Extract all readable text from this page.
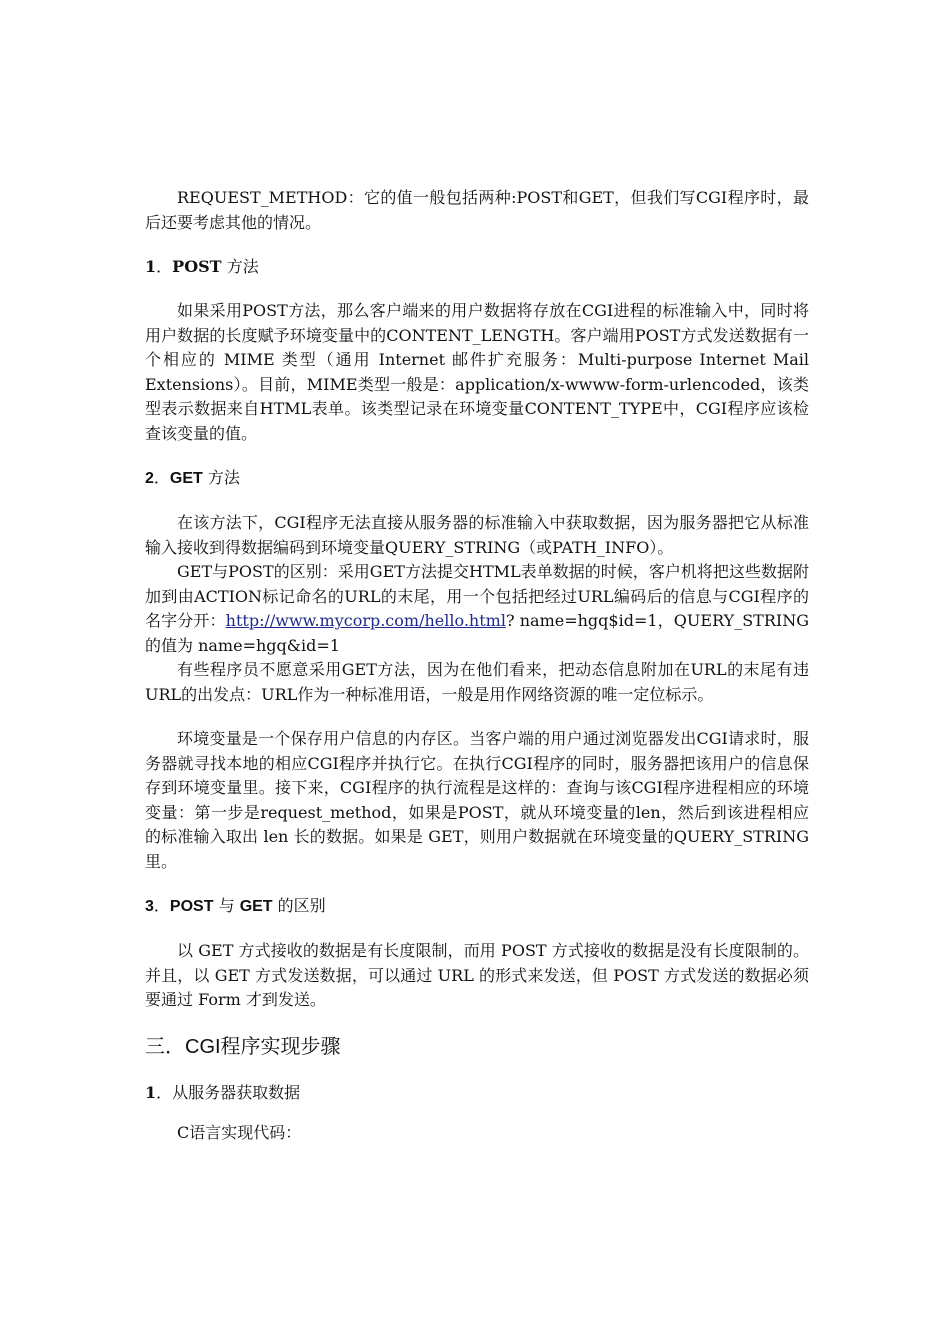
REQUEST_METHOD：它的值一般包括两种:POST和GET，但我们写CGI程序时，最后还要考虑其他的情况。

1．POST 方法

如果采用POST方法，那么客户端来的用户数据将存放在CGI进程的标准输入中，同时将用户数据的长度赋予环境变量中的CONTENT_LENGTH。客户端用POST方式发送数据有一个相应的 MIME 类型（通用 Internet 邮件扩充服务：Multi-purpose Internet Mail Extensions）。目前，MIME类型一般是：application/x-wwww-form-urlencoded，该类型表示数据来自HTML表单。该类型记录在环境变量CONTENT_TYPE中，CGI程序应该检查该变量的值。

2．GET 方法

在该方法下，CGI程序无法直接从服务器的标准输入中获取数据，因为服务器把它从标准输入接收到得数据编码到环境变量QUERY_STRING（或PATH_INFO）。

GET与POST的区别：采用GET方法提交HTML表单数据的时候，客户机将把这些数据附加到由ACTION标记命名的URL的末尾，用一个包括把经过URL编码后的信息与CGI程序的名字分开：http://www.mycorp.com/hello.html? name=hgq$id=1，QUERY_STRING的值为 name=hgq&id=1

有些程序员不愿意采用GET方法，因为在他们看来，把动态信息附加在URL的末尾有违URL的出发点：URL作为一种标准用语，一般是用作网络资源的唯一定位标示。

环境变量是一个保存用户信息的内存区。当客户端的用户通过浏览器发出CGI请求时，服务器就寻找本地的相应CGI程序并执行它。在执行CGI程序的同时，服务器把该用户的信息保存到环境变量里。接下来，CGI程序的执行流程是这样的：查询与该CGI程序进程相应的环境变量：第一步是request_method，如果是POST，就从环境变量的len，然后到该进程相应的标准输入取出 len 长的数据。如果是 GET，则用户数据就在环境变量的QUERY_STRING里。

3．POST 与 GET 的区别

以 GET 方式接收的数据是有长度限制，而用 POST 方式接收的数据是没有长度限制的。并且，以 GET 方式发送数据，可以通过 URL 的形式来发送，但 POST 方式发送的数据必须要通过 Form 才到发送。

三．CGI程序实现步骤

1．从服务器获取数据

C语言实现代码：
